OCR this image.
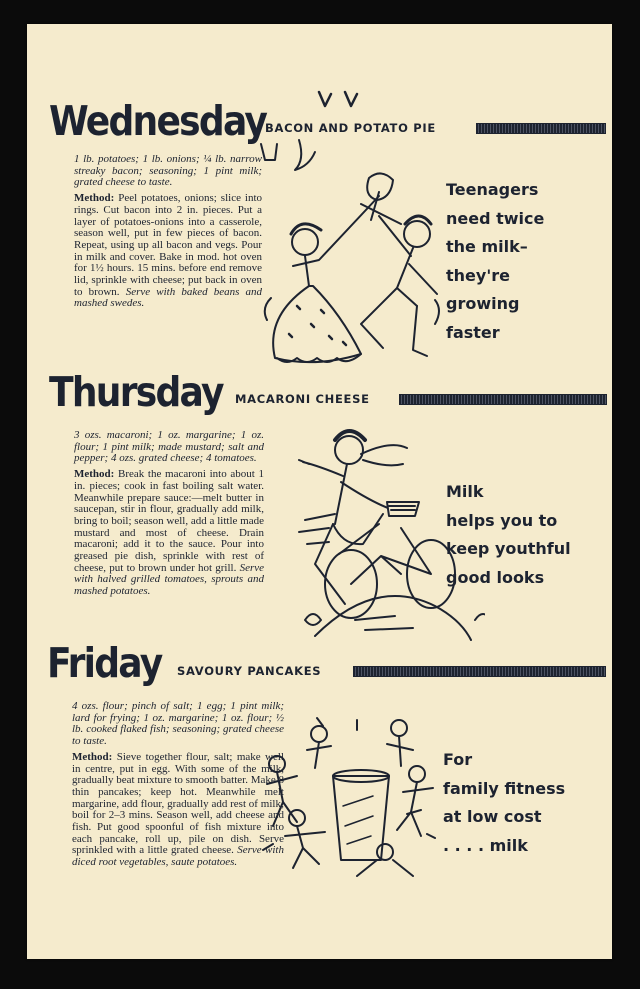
Wednesday
BACON AND POTATO PIE

1 lb. potatoes; 1 lb. onions; ¼ lb. narrow streaky bacon; seasoning; 1 pint milk; grated cheese to taste.

Method: Peel potatoes, onions; slice into rings. Cut bacon into 2 in. pieces. Put a layer of potatoes-onions into a casserole, season well, put in few pieces of bacon. Repeat, using up all bacon and vegs. Pour in milk and cover. Bake in mod. hot oven for 1½ hours. 15 mins. before end remove lid, sprinkle with cheese; put back in oven to brown. Serve with baked beans and mashed swedes.

Teenagers
need twice
the milk–
they're
growing
faster
Thursday MACARONI CHEESE

3 ozs. macaroni; 1 oz. margarine; 1 oz. flour; 1 pint milk; made mustard; salt and pepper; 4 ozs. grated cheese; 4 tomatoes.

Method: Break the macaroni into about 1 in. pieces; cook in fast boiling salt water. Meanwhile prepare sauce:—melt butter in saucepan, stir in flour, gradually add milk, bring to boil; season well, add a little made mustard and most of cheese. Drain macaroni; add it to the sauce. Pour into greased pie dish, sprinkle with rest of cheese, put to brown under hot grill. Serve with halved grilled tomatoes, sprouts and mashed potatoes.

Milk
helps you to
keep youthful
good looks
Friday SAVOURY PANCAKES

4 ozs. flour; pinch of salt; 1 egg; 1 pint milk; lard for frying; 1 oz. margarine; 1 oz. flour; ½ lb. cooked flaked fish; seasoning; grated cheese to taste.

Method: Sieve together flour, salt; make well in centre, put in egg. With some of the milk, gradually beat mixture to smooth batter. Make 8 thin pancakes; keep hot. Meanwhile melt margarine, add flour, gradually add rest of milk; boil for 2–3 mins. Season well, add cheese and fish. Put good spoonful of fish mixture into each pancake, roll up, pile on dish. Serve sprinkled with a little grated cheese. Serve with diced root vegetables, saute potatoes.

For
family fitness
at low cost
. . . . milk
